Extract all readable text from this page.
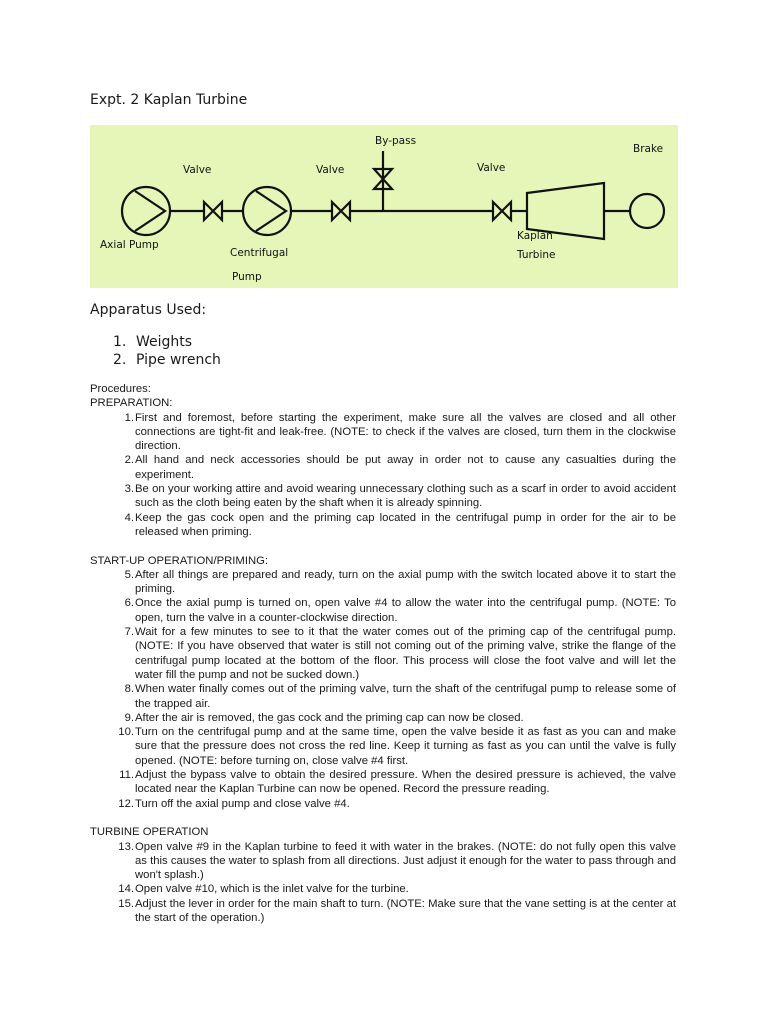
Expt. 2 Kaplan Turbine
Axial Pump
Valve
Centrifugal
Pump
Valve
By-pass
Valve
Kaplan
Turbine
Brake
Apparatus Used:
1. Weights
2. Pipe wrench
Procedures:
PREPARATION:
1. First and foremost, before starting the experiment, make sure all the valves are closed and all other connections are tight-fit and leak-free. (NOTE: to check if the valves are closed, turn them in the clockwise direction.
2. All hand and neck accessories should be put away in order not to cause any casualties during the experiment.
3. Be on your working attire and avoid wearing unnecessary clothing such as a scarf in order to avoid accident such as the cloth being eaten by the shaft when it is already spinning.
4. Keep the gas cock open and the priming cap located in the centrifugal pump in order for the air to be released when priming.
START-UP OPERATION/PRIMING:
5. After all things are prepared and ready, turn on the axial pump with the switch located above it to start the priming.
6. Once the axial pump is turned on, open valve #4 to allow the water into the centrifugal pump. (NOTE: To open, turn the valve in a counter-clockwise direction.
7. Wait for a few minutes to see to it that the water comes out of the priming cap of the centrifugal pump.(NOTE: If you have observed that water is still not coming out of the priming valve, strike the flange of the centrifugal pump located at the bottom of the floor. This process will close the foot valve and will let the water fill the pump and not be sucked down.)
8. When water finally comes out of the priming valve, turn the shaft of the centrifugal pump to release some of the trapped air.
9. After the air is removed, the gas cock and the priming cap can now be closed.
10. Turn on the centrifugal pump and at the same time, open the valve beside it as fast as you can and make sure that the pressure does not cross the red line. Keep it turning as fast as you can until the valve is fully opened. (NOTE: before turning on, close valve #4 first.
11. Adjust the bypass valve to obtain the desired pressure. When the desired pressure is achieved, the valve located near the Kaplan Turbine can now be opened. Record the pressure reading.
12. Turn off the axial pump and close valve #4.
TURBINE OPERATION
13. Open valve #9 in the Kaplan turbine to feed it with water in the brakes. (NOTE: do not fully open this valve as this causes the water to splash from all directions. Just adjust it enough for the water to pass through and won't splash.)
14. Open valve #10, which is the inlet valve for the turbine.
15. Adjust the lever in order for the main shaft to turn. (NOTE: Make sure that the vane setting is at the center at the start of the operation.)
